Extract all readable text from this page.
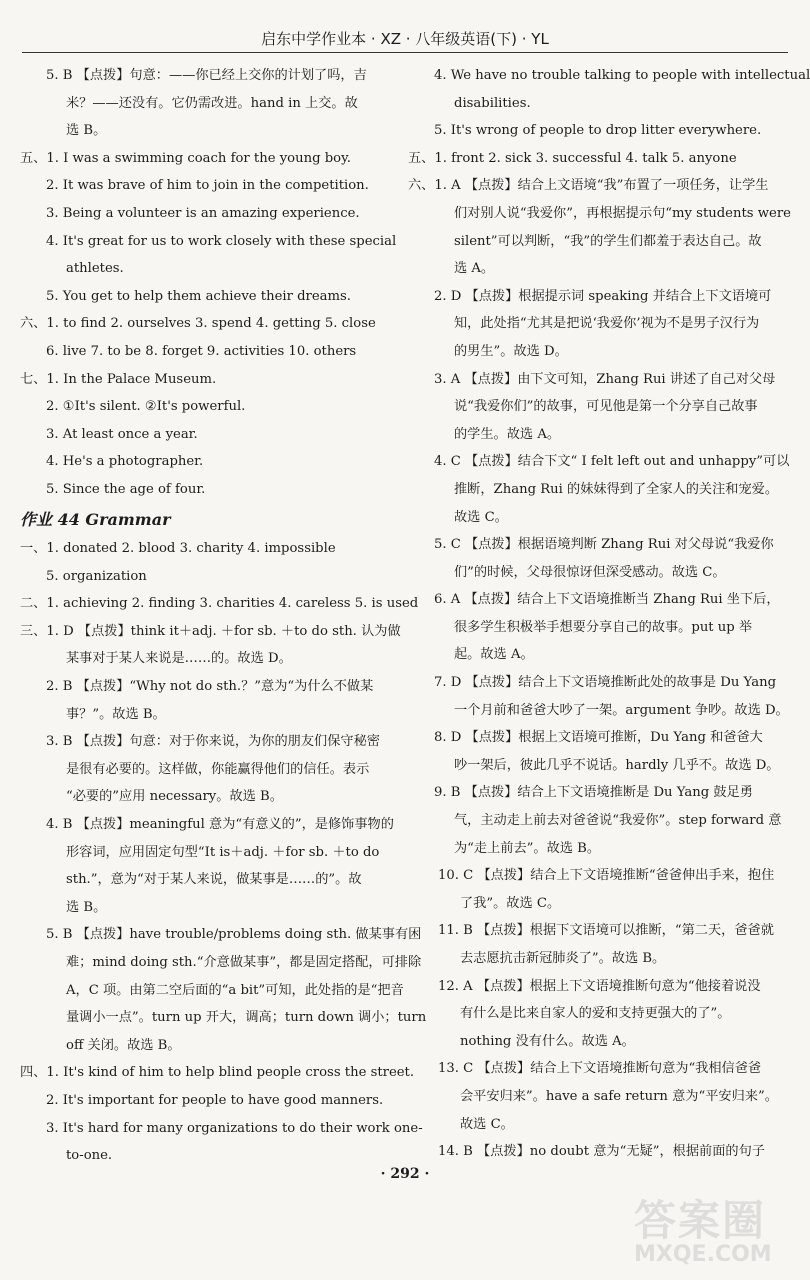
启东中学作业本 · XZ · 八年级英语(下) · YL
5. B 【点拨】句意：——你已经上交你的计划了吗，吉
米？——还没有。它仍需改进。hand in 上交。故
选 B。
五、1. I was a swimming coach for the young boy.
2. It was brave of him to join in the competition.
3. Being a volunteer is an amazing experience.
4. It's great for us to work closely with these special
athletes.
5. You get to help them achieve their dreams.
六、1. to find 2. ourselves 3. spend 4. getting 5. close
6. live 7. to be 8. forget 9. activities 10. others
七、1. In the Palace Museum.
2. ①It's silent. ②It's powerful.
3. At least once a year.
4. He's a photographer.
5. Since the age of four.
作业 44 Grammar
一、1. donated 2. blood 3. charity 4. impossible
5. organization
二、1. achieving 2. finding 3. charities 4. careless 5. is used
三、1. D 【点拨】think it＋adj. ＋for sb. ＋to do sth. 认为做
某事对于某人来说是……的。故选 D。
2. B 【点拨】“Why not do sth.？”意为“为什么不做某
事？”。故选 B。
3. B 【点拨】句意：对于你来说，为你的朋友们保守秘密
是很有必要的。这样做，你能赢得他们的信任。表示
“必要的”应用 necessary。故选 B。
4. B 【点拨】meaningful 意为“有意义的”，是修饰事物的
形容词，应用固定句型“It is＋adj. ＋for sb. ＋to do
sth.”，意为“对于某人来说，做某事是……的”。故
选 B。
5. B 【点拨】have trouble/problems doing sth. 做某事有困
难；mind doing sth.“介意做某事”，都是固定搭配，可排除
A，C 项。由第二空后面的“a bit”可知，此处指的是“把音
量调小一点”。turn up 开大，调高；turn down 调小；turn
off 关闭。故选 B。
四、1. It's kind of him to help blind people cross the street.
2. It's important for people to have good manners.
3. It's hard for many organizations to do their work one-
to-one.
4. We have no trouble talking to people with intellectual
disabilities.
5. It's wrong of people to drop litter everywhere.
五、1. front 2. sick 3. successful 4. talk 5. anyone
六、1. A 【点拨】结合上文语境“我”布置了一项任务，让学生
们对别人说“我爱你”，再根据提示句“my students were
silent”可以判断，“我”的学生们都羞于表达自己。故
选 A。
2. D 【点拨】根据提示词 speaking 并结合上下文语境可
知，此处指“尤其是把说‘我爱你’视为不是男子汉行为
的男生”。故选 D。
3. A 【点拨】由下文可知，Zhang Rui 讲述了自己对父母
说“我爱你们”的故事，可见他是第一个分享自己故事
的学生。故选 A。
4. C 【点拨】结合下文“ I felt left out and unhappy”可以
推断，Zhang Rui 的妹妹得到了全家人的关注和宠爱。
故选 C。
5. C 【点拨】根据语境判断 Zhang Rui 对父母说“我爱你
们”的时候，父母很惊讶但深受感动。故选 C。
6. A 【点拨】结合上下文语境推断当 Zhang Rui 坐下后，
很多学生积极举手想要分享自己的故事。put up 举
起。故选 A。
7. D 【点拨】结合上下文语境推断此处的故事是 Du Yang
一个月前和爸爸大吵了一架。argument 争吵。故选 D。
8. D 【点拨】根据上文语境可推断，Du Yang 和爸爸大
吵一架后，彼此几乎不说话。hardly 几乎不。故选 D。
9. B 【点拨】结合上下文语境推断是 Du Yang 鼓足勇
气，主动走上前去对爸爸说“我爱你”。step forward 意
为“走上前去”。故选 B。
10. C 【点拨】结合上下文语境推断“爸爸伸出手来，抱住
了我”。故选 C。
11. B 【点拨】根据下文语境可以推断，“第二天，爸爸就
去志愿抗击新冠肺炎了”。故选 B。
12. A 【点拨】根据上下文语境推断句意为“他接着说没
有什么是比来自家人的爱和支持更强大的了”。
nothing 没有什么。故选 A。
13. C 【点拨】结合上下文语境推断句意为“我相信爸爸
会平安归来”。have a safe return 意为“平安归来”。
故选 C。
14. B 【点拨】no doubt 意为“无疑”，根据前面的句子
· 292 ·
答案圈
MXQE.COM
